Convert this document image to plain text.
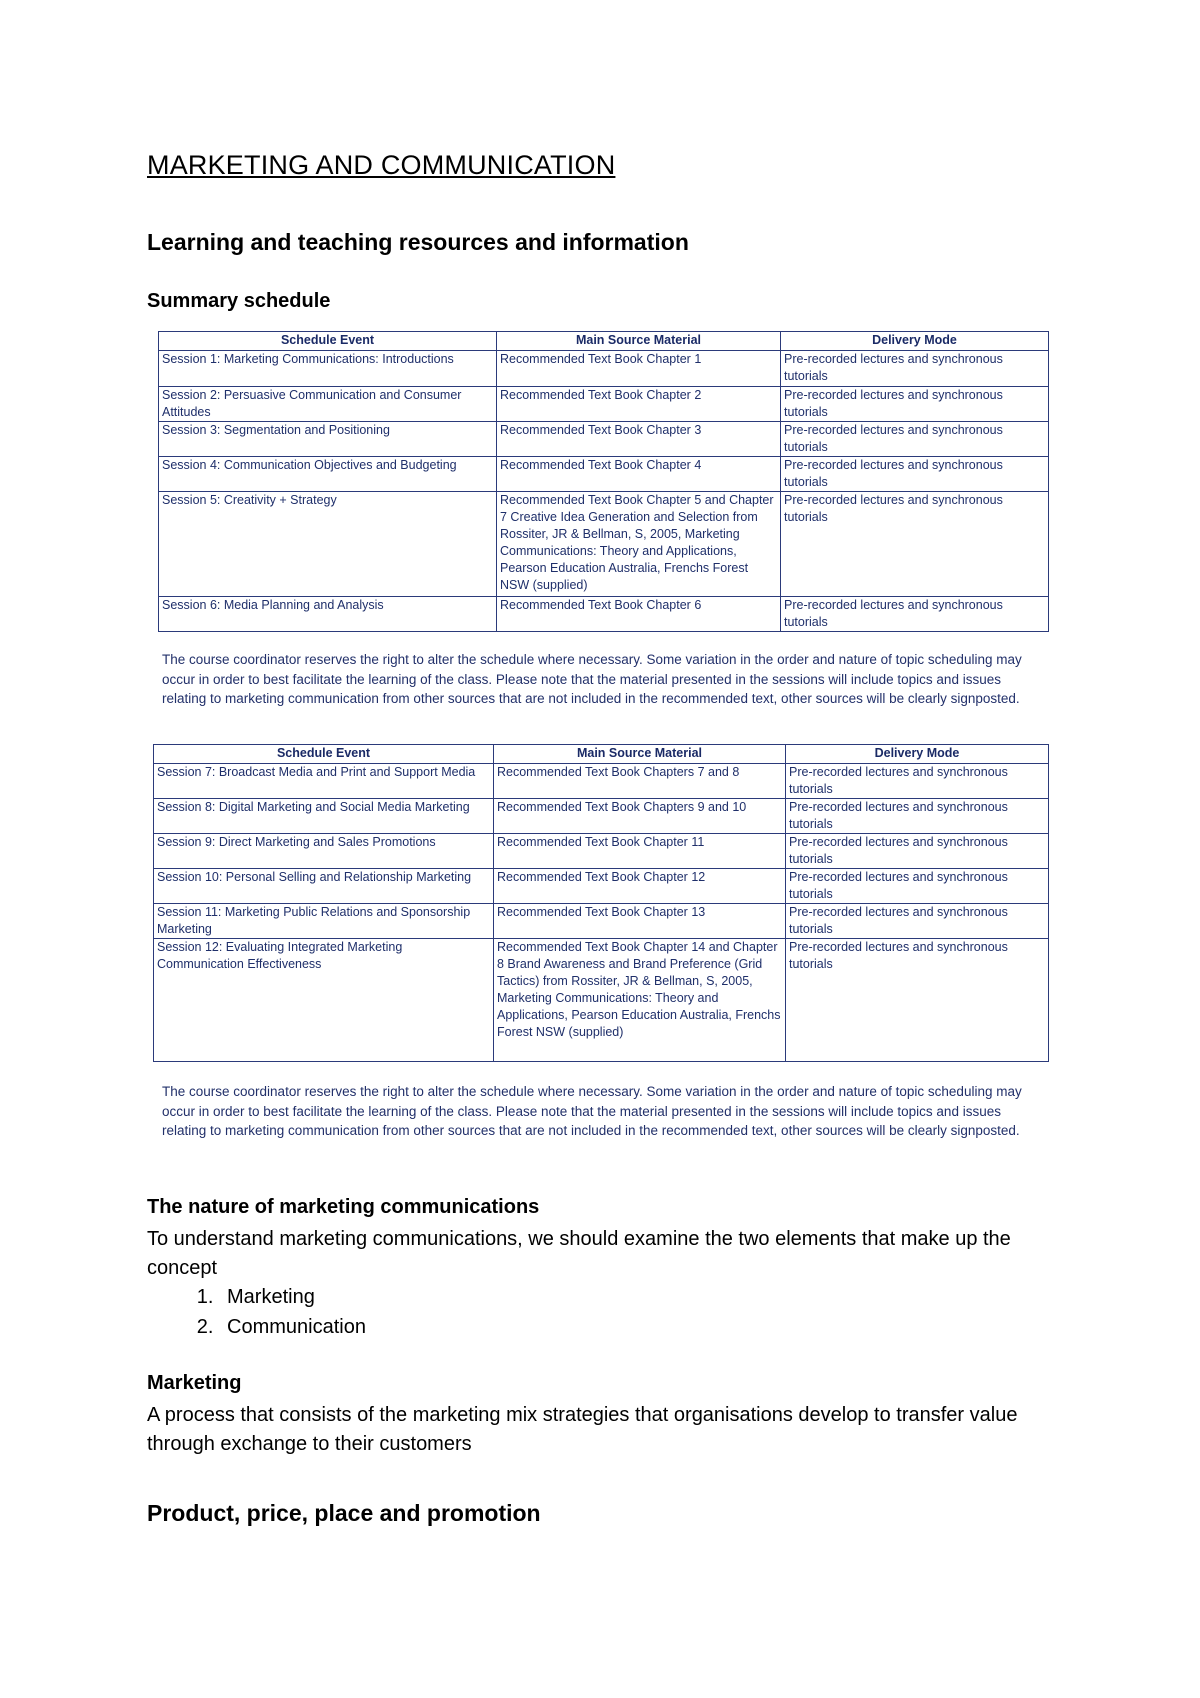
MARKETING AND COMMUNICATION
Learning and teaching resources and information
Summary schedule
Schedule Event	Main Source Material	Delivery Mode
Session 1: Marketing Communications: Introductions	Recommended Text Book Chapter 1	Pre-recorded lectures and synchronous tutorials
Session 2: Persuasive Communication and Consumer Attitudes	Recommended Text Book Chapter 2	Pre-recorded lectures and synchronous tutorials
Session 3: Segmentation and Positioning	Recommended Text Book Chapter 3	Pre-recorded lectures and synchronous tutorials
Session 4: Communication Objectives and Budgeting	Recommended Text Book Chapter 4	Pre-recorded lectures and synchronous tutorials
Session 5: Creativity + Strategy	Recommended Text Book Chapter 5 and Chapter 7 Creative Idea Generation and Selection from Rossiter, JR & Bellman, S, 2005, Marketing Communications: Theory and Applications, Pearson Education Australia, Frenchs Forest NSW (supplied)	Pre-recorded lectures and synchronous tutorials
Session 6: Media Planning and Analysis	Recommended Text Book Chapter 6	Pre-recorded lectures and synchronous tutorials

The course coordinator reserves the right to alter the schedule where necessary. Some variation in the order and nature of topic scheduling may occur in order to best facilitate the learning of the class. Please note that the material presented in the sessions will include topics and issues relating to marketing communication from other sources that are not included in the recommended text, other sources will be clearly signposted.

Schedule Event	Main Source Material	Delivery Mode
Session 7: Broadcast Media and Print and Support Media	Recommended Text Book Chapters 7 and 8	Pre-recorded lectures and synchronous tutorials
Session 8: Digital Marketing and Social Media Marketing	Recommended Text Book Chapters 9 and 10	Pre-recorded lectures and synchronous tutorials
Session 9: Direct Marketing and Sales Promotions	Recommended Text Book Chapter 11	Pre-recorded lectures and synchronous tutorials
Session 10: Personal Selling and Relationship Marketing	Recommended Text Book Chapter 12	Pre-recorded lectures and synchronous tutorials
Session 11: Marketing Public Relations and Sponsorship Marketing	Recommended Text Book Chapter 13	Pre-recorded lectures and synchronous tutorials
Session 12: Evaluating Integrated Marketing Communication Effectiveness	Recommended Text Book Chapter 14 and Chapter 8 Brand Awareness and Brand Preference (Grid Tactics) from Rossiter, JR & Bellman, S, 2005, Marketing Communications: Theory and Applications, Pearson Education Australia, Frenchs Forest NSW (supplied)	Pre-recorded lectures and synchronous tutorials

The course coordinator reserves the right to alter the schedule where necessary. Some variation in the order and nature of topic scheduling may occur in order to best facilitate the learning of the class. Please note that the material presented in the sessions will include topics and issues relating to marketing communication from other sources that are not included in the recommended text, other sources will be clearly signposted.

The nature of marketing communications

To understand marketing communications, we should examine the two elements that make up the concept

1. Marketing
2. Communication
Marketing

A process that consists of the marketing mix strategies that organisations develop to transfer value through exchange to their customers

Product, price, place and promotion
